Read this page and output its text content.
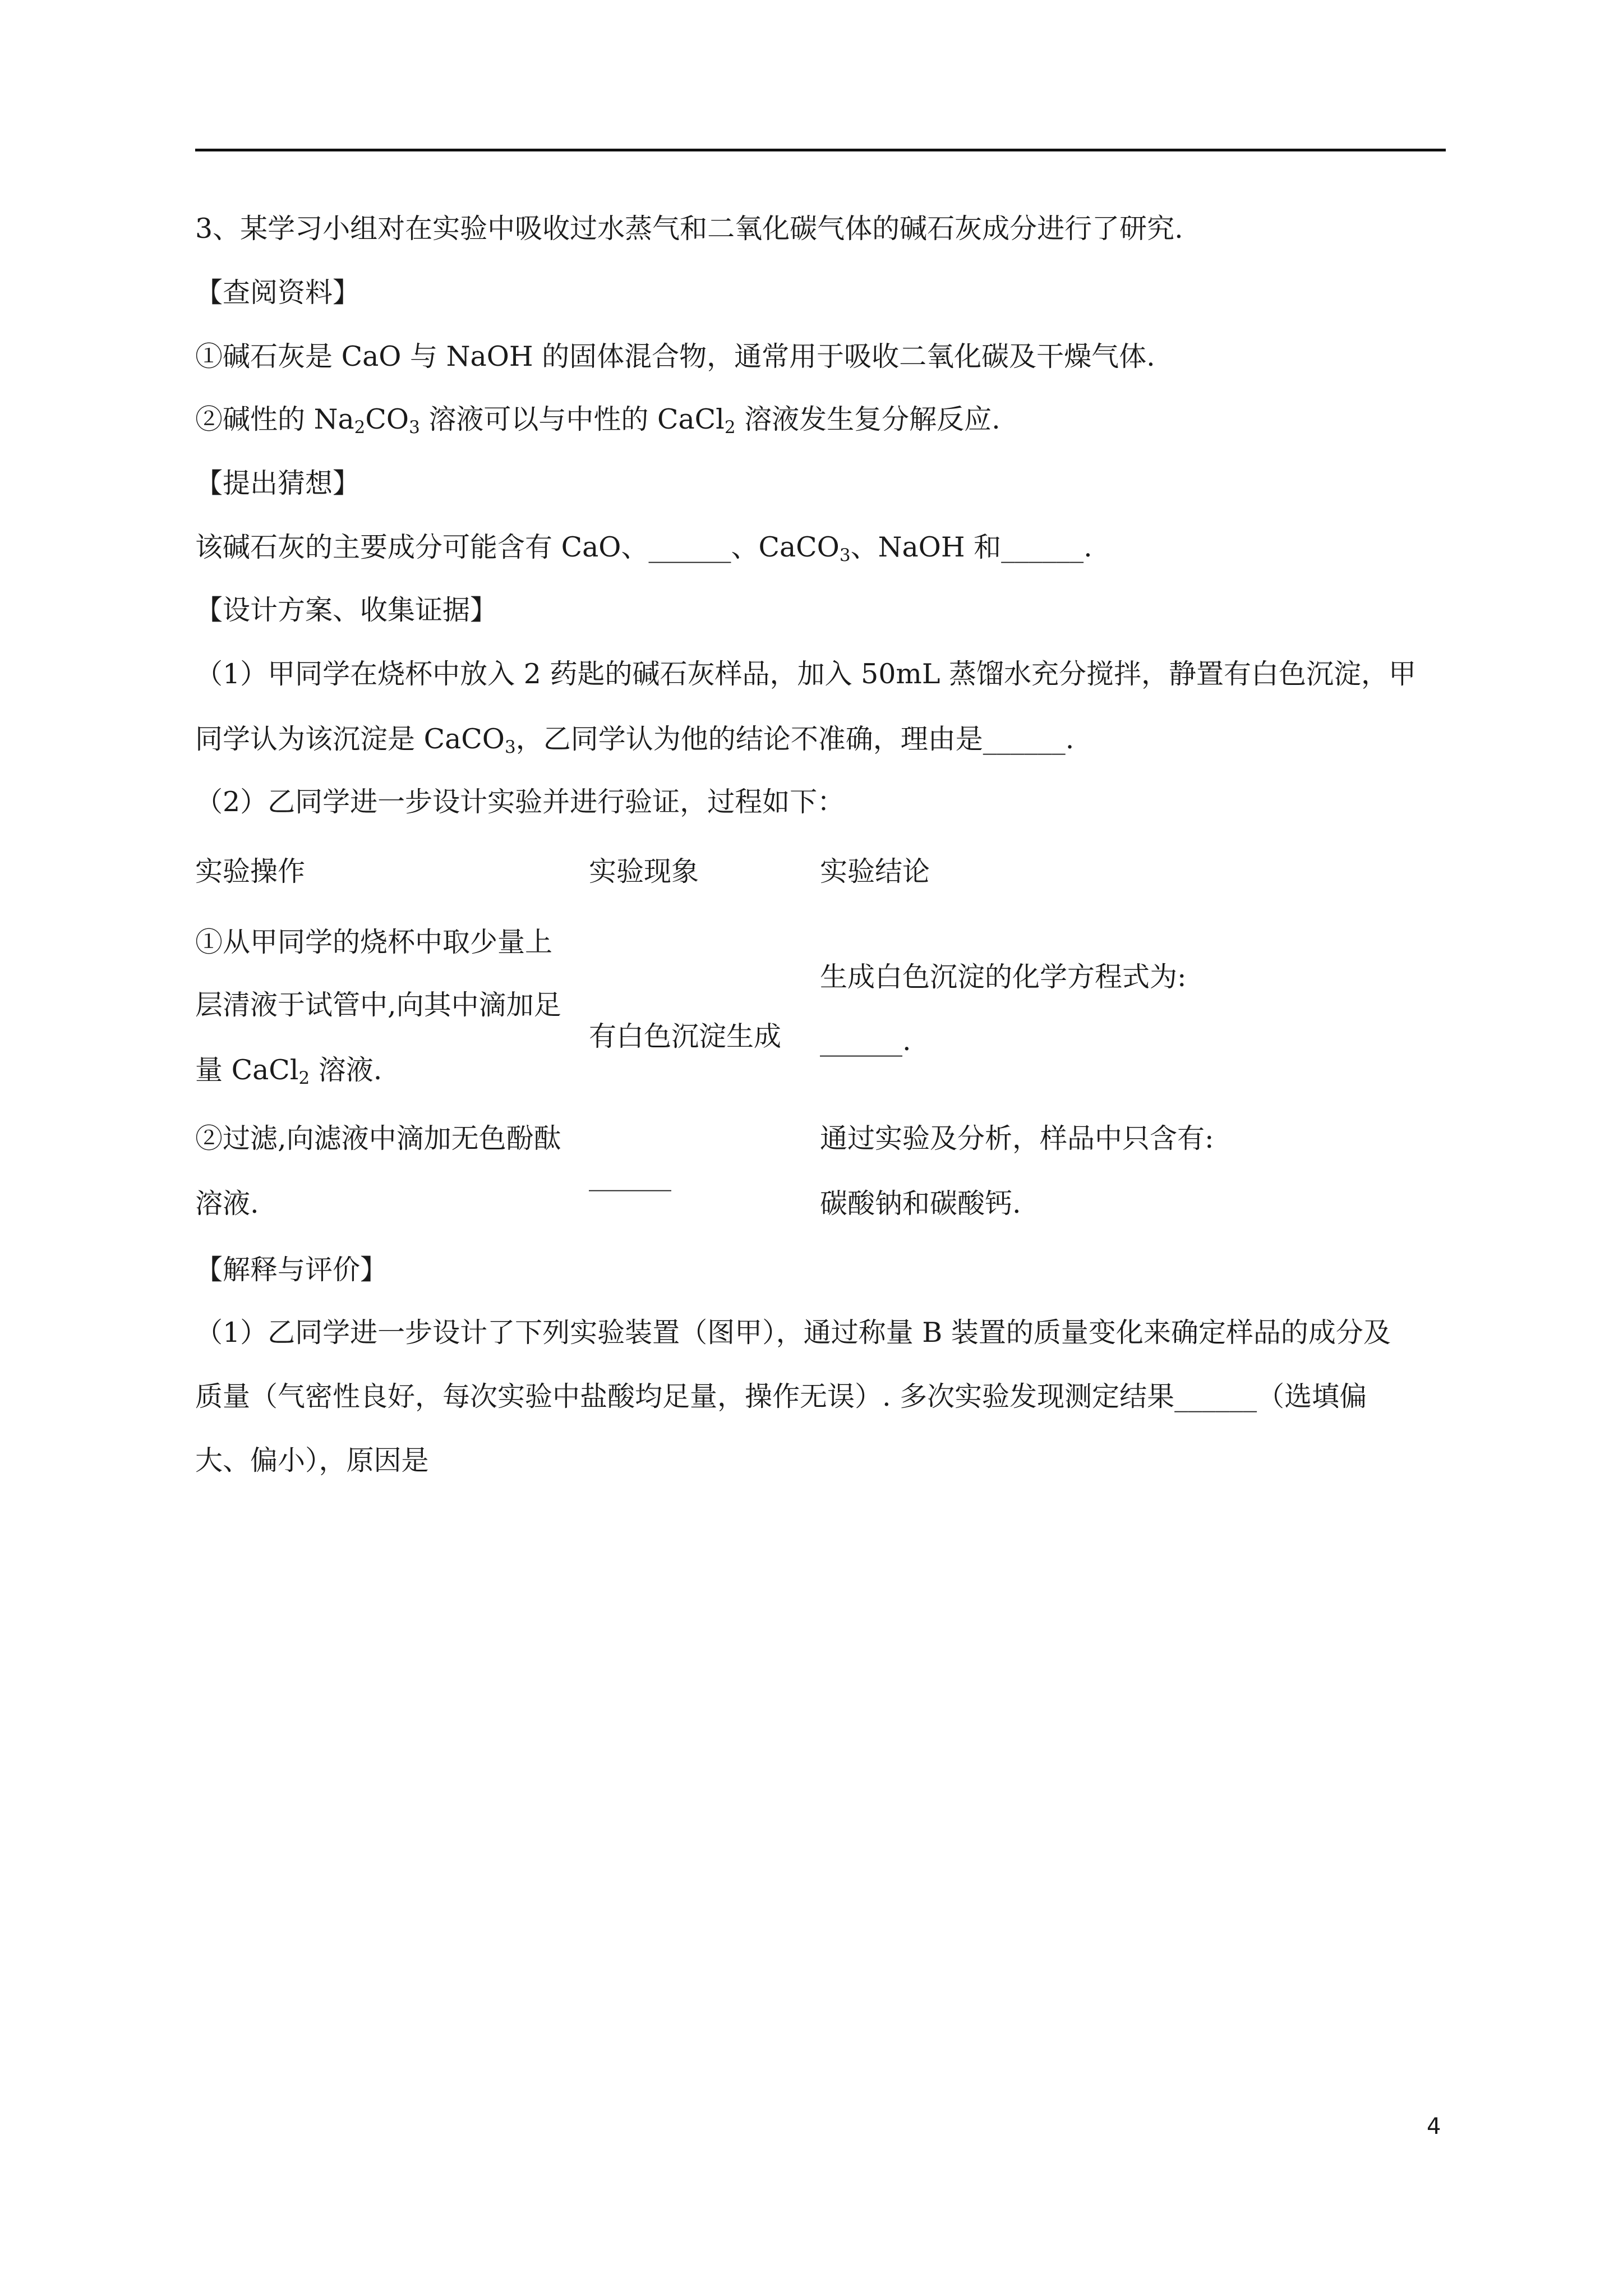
3、某学习小组对在实验中吸收过水蒸气和二氧化碳气体的碱石灰成分进行了研究.
【查阅资料】
①碱石灰是 CaO 与 NaOH 的固体混合物，通常用于吸收二氧化碳及干燥气体.
②碱性的 $Na_2CO_3$ 溶液可以与中性的 CaCl$_2$ 溶液发生复分解反应.
【提出猜想】
该碱石灰的主要成分可能含有 CaO、______、CaCO$_3$、NaOH 和______.
【设计方案、收集证据】
（1）甲同学在烧杯中放入 2 药匙的碱石灰样品，加入 50mL 蒸馏水充分搅拌，静置有白色沉淀，甲
同学认为该沉淀是 CaCO$_3$，乙同学认为他的结论不准确，理由是______.
（2）乙同学进一步设计实验并进行验证，过程如下：
实验操作	实验现象	实验结论
①从甲同学的烧杯中取少量上
层清液于试管中,向其中滴加足
量 CaCl$_2$ 溶液.
有白色沉淀生成
生成白色沉淀的化学方程式为:
______.
②过滤,向滤液中滴加无色酚酞
溶液.
______
通过实验及分析，样品中只含有:
碳酸钠和碳酸钙.
【解释与评价】
（1）乙同学进一步设计了下列实验装置（图甲），通过称量 B 装置的质量变化来确定样品的成分及
质量（气密性良好，每次实验中盐酸均足量，操作无误）. 多次实验发现测定结果______（选填偏
大、偏小），原因是
4
